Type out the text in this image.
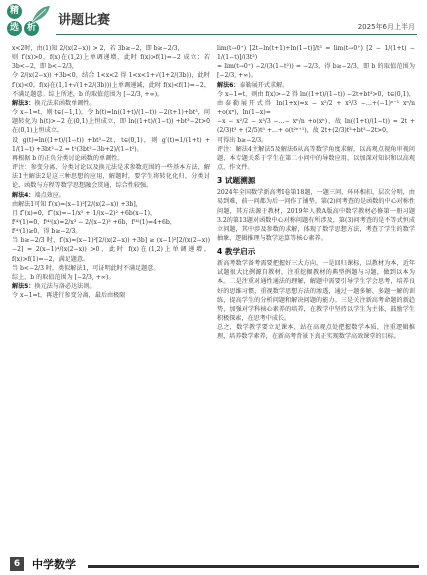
精
选 析 讲题比赛	2025年6月上半月

x<2时，由(1)知 2/(x(2−x)) > 2，若 3b≥−2，即 b≥−2/3，

则 f′(x)>0，f(x)在(1,2)上单调递增，此时 f(x)>f(1)=−2 成立；若 3b<−2，即 b<−2/3，

令 2/(x(2−x)) +3b<0，结合 1<x<2 得 1<x<1+√(1+2/(3b))，此时 f′(x)<0，f(x)在(1,1+√(1+2/(3b)))上单调递减，此时 f(x)<f(1)=−2，不满足题意。综上所述，b 的取值范围为 [−2/3, +∞)。

解法3：换元法求函数单调性。

令 x−1=t，则 t∈(−1,1)，令 h(t)=ln((1+t)/(1−t)) −2(t+1)+bt³，问题转化为 h(t)>−2 在(0,1)上恒成立，即 ln((1+t)/(1−t)) +bt³−2t>0 在(0,1)上恒成立。

设 g(t)=ln((1+t)/(1−t)) +bt³−2t，t∈(0,1)，则 g′(t)=1/(1+t) + 1/(1−t) +3bt²−2 = t²(3bt²−3b+2)/(1−t²)。

再根据 b 的正负分类讨论函数的单调性。

评注：参变分离、分类讨论以及换元法是求参数范围的一些基本方法，解法1主解法2是这三种思想的应用，解题时，要学生将转化化归、分类讨论、函数与方程等数学思想融会贯通，综合性较强。

解法4：端点效应。

由解法1可知 f′(x)=(x−1)²[2/(x(2−x)) +3b]，

且 f″(x)=0，f‴(x)=−1/x² + 1/(x−2)² +6b(x−1)，

f⁽⁴⁾(1)=0，f⁽⁴⁾(x)=2/x³ − 2/(x−2)³ +6b，f⁽⁴⁾(1)=4+6b，

f⁽⁴⁾(1)≥0，得 b≥−2/3。

当 b≥−2/3 时，f′(x)=(x−1)²[2/(x(2−x)) +3b] ≥ (x−1)²[2/(x(2−x)) −2] = 2(x−1)⁴/(x(2−x)) >0，此时 f(x)在(1,2)上单调递增，f(x)>f(1)=−2，满足题意。

当 b<−2/3 时，类似解法1，可证明此时不满足题意。

综上，b 的取值范围为 [−2/3, +∞)。

解法5：换元法与洛必达法则。

令 x−1=t，再进行参变分离，最后由极限

lim(t→0⁺) [2t−ln(t+1)+ln(1−t)]/t³ = lim(t→0⁺) [2 − 1/(1+t) − 1/(1−t)]/(3t²)

= lim(t→0⁺) −2/(3(1−t²)) = −2/3，得 b≥−2/3，即 b 的取值范围为 [−2/3, +∞)。

解法6：泰勒展开式求解。

令 x−1=t，则由 f(x)>−2 得 ln((1+t)/(1−t)) −2t+bt³>0，t∈(0,1)，由泰勒展开式得 ln(1+x)=x − x²/2 + x³/3 −…+(−1)ⁿ⁻¹ xⁿ/n +o(xⁿ)，ln(1−x)=

−x − x²/2 − x³/3 −…− xⁿ/n +o(xⁿ)，故 ln((1+t)/(1−t)) = 2t + (2/3)t³ + (2/5)t⁵ +…+ o(t²ⁿ⁺¹)，故 2t+(2/3)t³+bt³−2t>0，

可得出 b≥−2/3。

评注：解法4主解法5及解法6从高等数学角度求解，以高观点视角审视问题，本专题关系于学生在第二小问中的导数应用，以加深对知识和以高观点，作文件。

3 试题溯源

2024年全国数学新高考Ⅰ卷第18题，一题三问，环环相扣，层次分明，由易到难，前一问都为后一问作了铺垫。第(2)问考查的是函数的中心对称性问题，其方法源于教材，2019年人教A版高中数学教材必修第一册习题3.2的第13题对函数中心对称问题有所涉及，第(3)问考查的是不等式恒成立问题，其中涉及参数的求解，体现了数学思想方法，考查了学生的数学抽象、逻辑推理与数学运算等核心素养。

4 教学启示

新高考数学备考需要把握好三大方向，一是回归课标，以教材为本，近年试题很大比例源自教材，注重挖掘教材的典型例题与习题，做到以本为本。二是注重对通性通法的理解，解题中需要引导学生学会思考，培养良好的思维习惯，重视数学思想方法的渗透，通过一题多解、多题一解的训练，提高学生的分析问题和解决问题的能力。三是关注新高考命题的新趋势，加强对学科核心素养的培养，在教学中坚持以学生为主体，鼓励学生积极探索，在思考中成长。

总之，数学教学要立足课本，站在高观点处把握数学本质，注重逻辑推理，培养数学素养，在新高考背景下真正实现数学高效课堂的目标。

6	中学数学
